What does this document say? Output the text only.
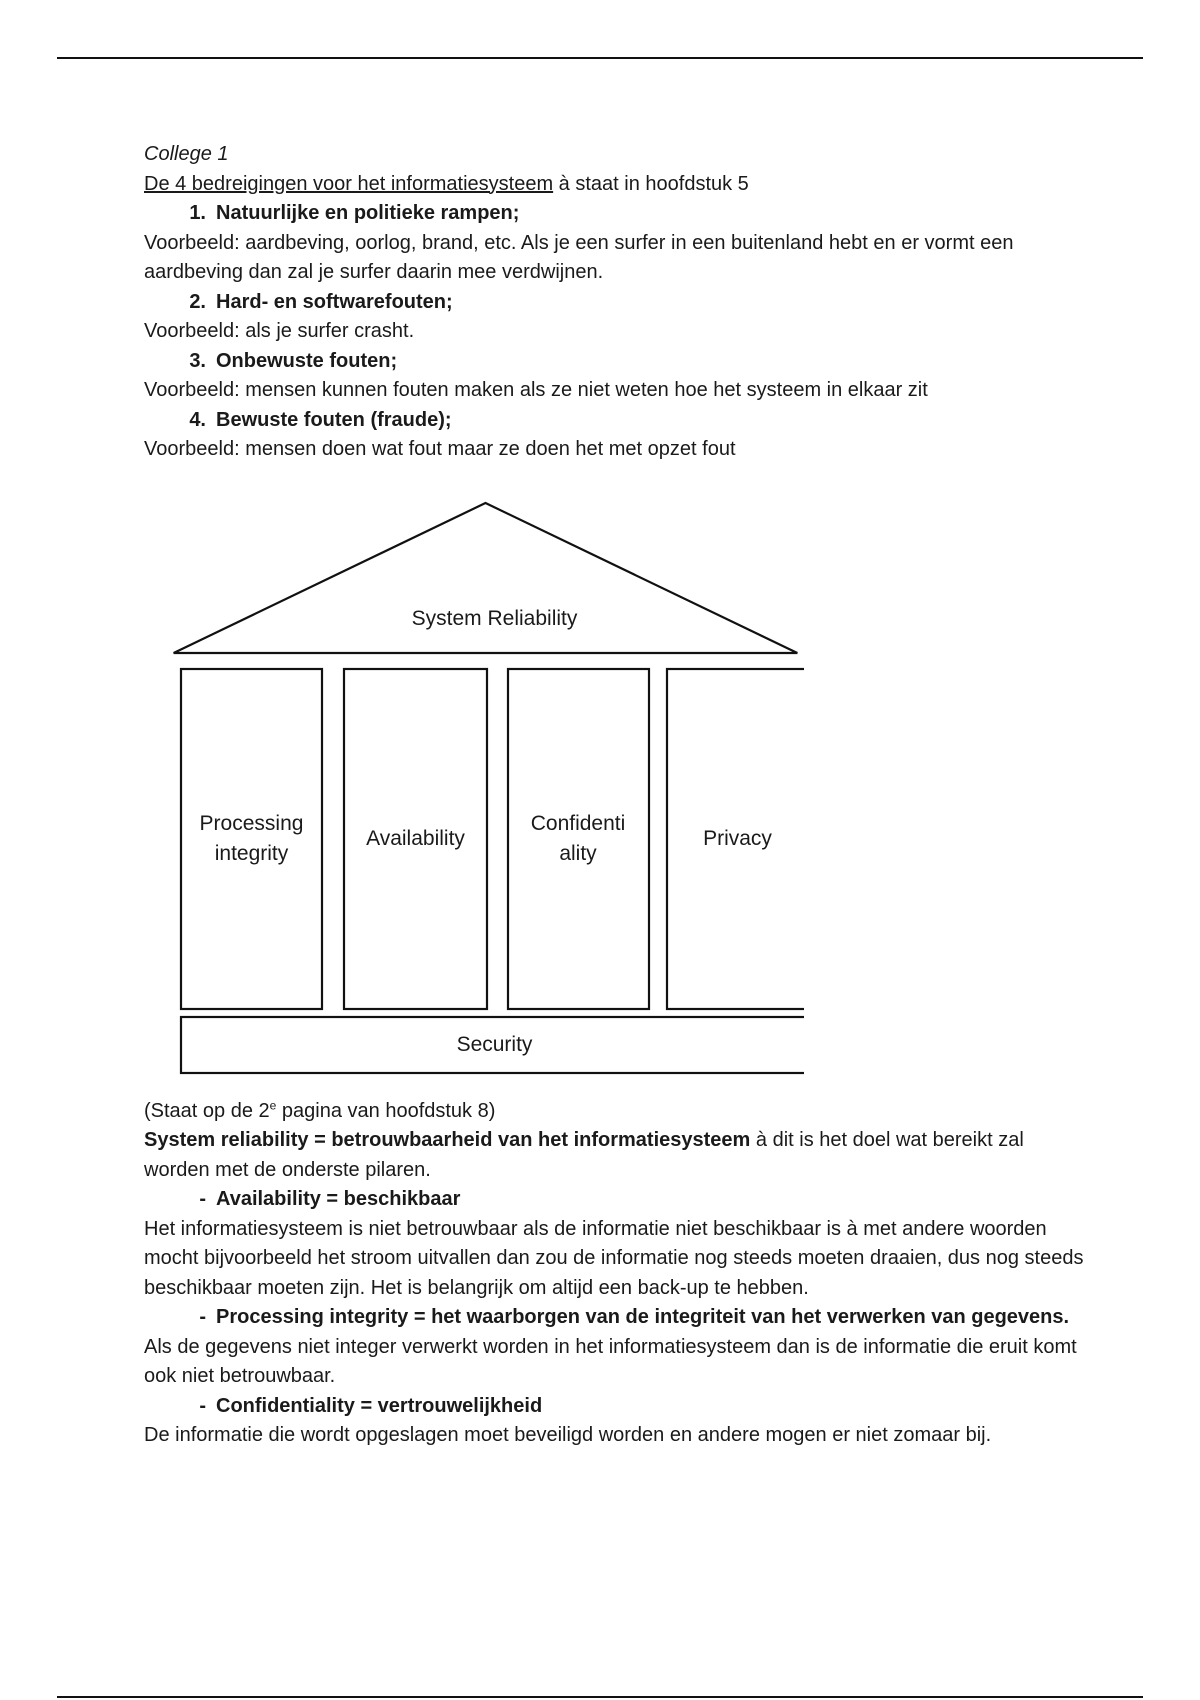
College 1

De 4 bedreigingen voor het informatiesysteem à staat in hoofdstuk 5

1. Natuurlijke en politieke rampen;

Voorbeeld: aardbeving, oorlog, brand, etc. Als je een surfer in een buitenland hebt en er vormt een aardbeving dan zal je surfer daarin mee verdwijnen.

2. Hard- en softwarefouten;

Voorbeeld: als je surfer crasht.

3. Onbewuste fouten;

Voorbeeld: mensen kunnen fouten maken als ze niet weten hoe het systeem in elkaar zit

4. Bewuste fouten (fraude);

Voorbeeld: mensen doen wat fout maar ze doen het met opzet fout

System Reliability
Processing integrity
Availability
Confidenti ality
Privacy
Security

(Staat op de 2e pagina van hoofdstuk 8)

System reliability = betrouwbaarheid van het informatiesysteem à dit is het doel wat bereikt zal worden met de onderste pilaren.

- Availability = beschikbaar

Het informatiesysteem is niet betrouwbaar als de informatie niet beschikbaar is à met andere woorden mocht bijvoorbeeld het stroom uitvallen dan zou de informatie nog steeds moeten draaien, dus nog steeds beschikbaar moeten zijn. Het is belangrijk om altijd een back-up te hebben.

- Processing integrity = het waarborgen van de integriteit van het verwerken van gegevens.

Als de gegevens niet integer verwerkt worden in het informatiesysteem dan is de informatie die eruit komt ook niet betrouwbaar.

- Confidentiality = vertrouwelijkheid

De informatie die wordt opgeslagen moet beveiligd worden en andere mogen er niet zomaar bij.
